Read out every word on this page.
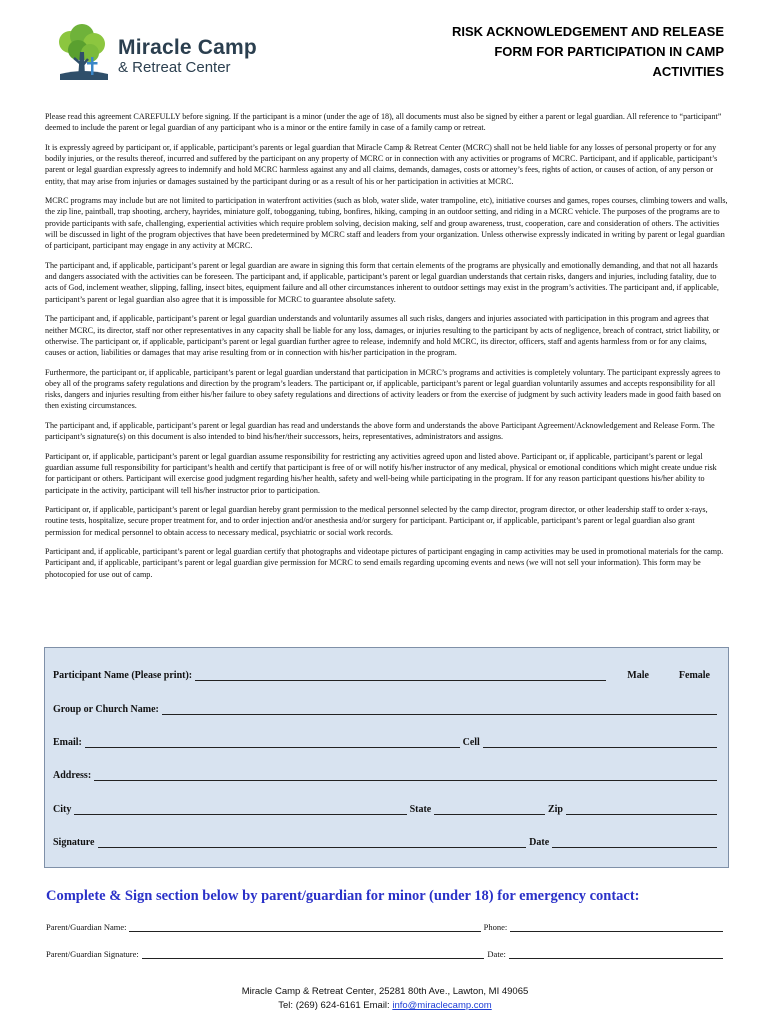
Miracle Camp
& Retreat Center
RISK ACKNOWLEDGEMENT AND RELEASE
FORM FOR PARTICIPATION IN CAMP
ACTIVITIES

Please read this agreement CAREFULLY before signing. If the participant is a minor (under the age of 18), all documents must also be signed by either a parent or legal guardian. All reference to “participant” deemed to include the parent or legal guardian of any participant who is a minor or the entire family in case of a family camp or retreat.

It is expressly agreed by participant or, if applicable, participant’s parents or legal guardian that Miracle Camp & Retreat Center (MCRC) shall not be held liable for any losses of personal property or for any bodily injuries, or the results thereof, incurred and suffered by the participant on any property of MCRC or in connection with any activities or programs of MCRC. Participant, and if applicable, participant’s parent or legal guardian expressly agrees to indemnify and hold MCRC harmless against any and all claims, demands, damages, costs or attorney’s fees, rights of action, or causes of action, of any person or entity, that may arise from injuries or damages sustained by the participant during or as a result of his or her participation in activities at MCRC.

MCRC programs may include but are not limited to participation in waterfront activities (such as blob, water slide, water trampoline, etc), initiative courses and games, ropes courses, climbing towers and walls, the zip line, paintball, trap shooting, archery, hayrides, miniature golf, tobogganing, tubing, bonfires, hiking, camping in an outdoor setting, and riding in a MCRC vehicle. The purposes of the programs are to provide participants with safe, challenging, experiential activities which require problem solving, decision making, self and group awareness, trust, cooperation, care and consideration of others. The activities will be discussed in light of the program objectives that have been predetermined by MCRC staff and leaders from your organization. Unless otherwise expressly indicated in writing by parent or legal guardian of participant, participant may engage in any activity at MCRC.

The participant and, if applicable, participant’s parent or legal guardian are aware in signing this form that certain elements of the programs are physically and emotionally demanding, and that not all hazards and dangers associated with the activities can be foreseen. The participant and, if applicable, participant’s parent or legal guardian understands that certain risks, dangers and injuries, including fatality, due to acts of God, inclement weather, slipping, falling, insect bites, equipment failure and all other circumstances inherent to outdoor settings may exist in the program’s activities. The participant and, if applicable, participant’s parent or legal guardian also agree that it is impossible for MCRC to guarantee absolute safety.

The participant and, if applicable, participant’s parent or legal guardian understands and voluntarily assumes all such risks, dangers and injuries associated with participation in this program and agrees that neither MCRC, its director, staff nor other representatives in any capacity shall be liable for any loss, damages, or injuries resulting to the participant by acts of negligence, breach of contract, strict liability, or otherwise. The participant or, if applicable, participant’s parent or legal guardian further agree to release, indemnify and hold MCRC, its director, officers, staff and agents harmless from or for any claims, causes or action, liabilities or damages that may arise resulting from or in connection with his/her participation in the program.

Furthermore, the participant or, if applicable, participant’s parent or legal guardian understand that participation in MCRC’s programs and activities is completely voluntary. The participant expressly agrees to obey all of the programs safety regulations and direction by the program’s leaders. The participant or, if applicable, participant’s parent or legal guardian voluntarily assumes and accepts responsibility for all risks, dangers and injuries resulting from either his/her failure to obey safety regulations and directions of activity leaders or from the exercise of judgment by such activity leaders made in good faith based on then existing circumstances.

The participant and, if applicable, participant’s parent or legal guardian has read and understands the above form and understands the above Participant Agreement/Acknowledgement and Release Form. The participant’s signature(s) on this document is also intended to bind his/her/their successors, heirs, representatives, administrators and assigns.

Participant or, if applicable, participant’s parent or legal guardian assume responsibility for restricting any activities agreed upon and listed above. Participant or, if applicable, participant’s parent or legal guardian assume full responsibility for participant’s health and certify that participant is free of or will notify his/her instructor of any medical, physical or emotional conditions which might create undue risk for participant or others. Participant will exercise good judgment regarding his/her health, safety and well-being while participating in the program. If for any reason participant questions his/her ability to participate in the activity, participant will tell his/her instructor prior to participation.

Participant or, if applicable, participant’s parent or legal guardian hereby grant permission to the medical personnel selected by the camp director, program director, or other leadership staff to order x-rays, routine tests, hospitalize, secure proper treatment for, and to order injection and/or anesthesia and/or surgery for participant. Participant or, if applicable, participant’s parent or legal guardian also grant permission for medical personnel to obtain access to necessary medical, psychiatric or social work records.

Participant and, if applicable, participant’s parent or legal guardian certify that photographs and videotape pictures of participant engaging in camp activities may be used in promotional materials for the camp. Participant and, if applicable, participant’s parent or legal guardian give permission for MCRC to send emails regarding upcoming events and news (we will not sell your information). This form may be photocopied for use out of camp.

Participant Name (Please print):	Male	Female
Group or Church Name:
Email:	Cell
Address:
City	State	Zip
Signature	Date
Complete & Sign section below by parent/guardian for minor (under 18) for emergency contact:
Parent/Guardian Name:	Phone:
Parent/Guardian Signature:	Date:
Miracle Camp & Retreat Center, 25281 80th Ave., Lawton, MI 49065
Tel: (269) 624-6161 Email: info@miraclecamp.com
